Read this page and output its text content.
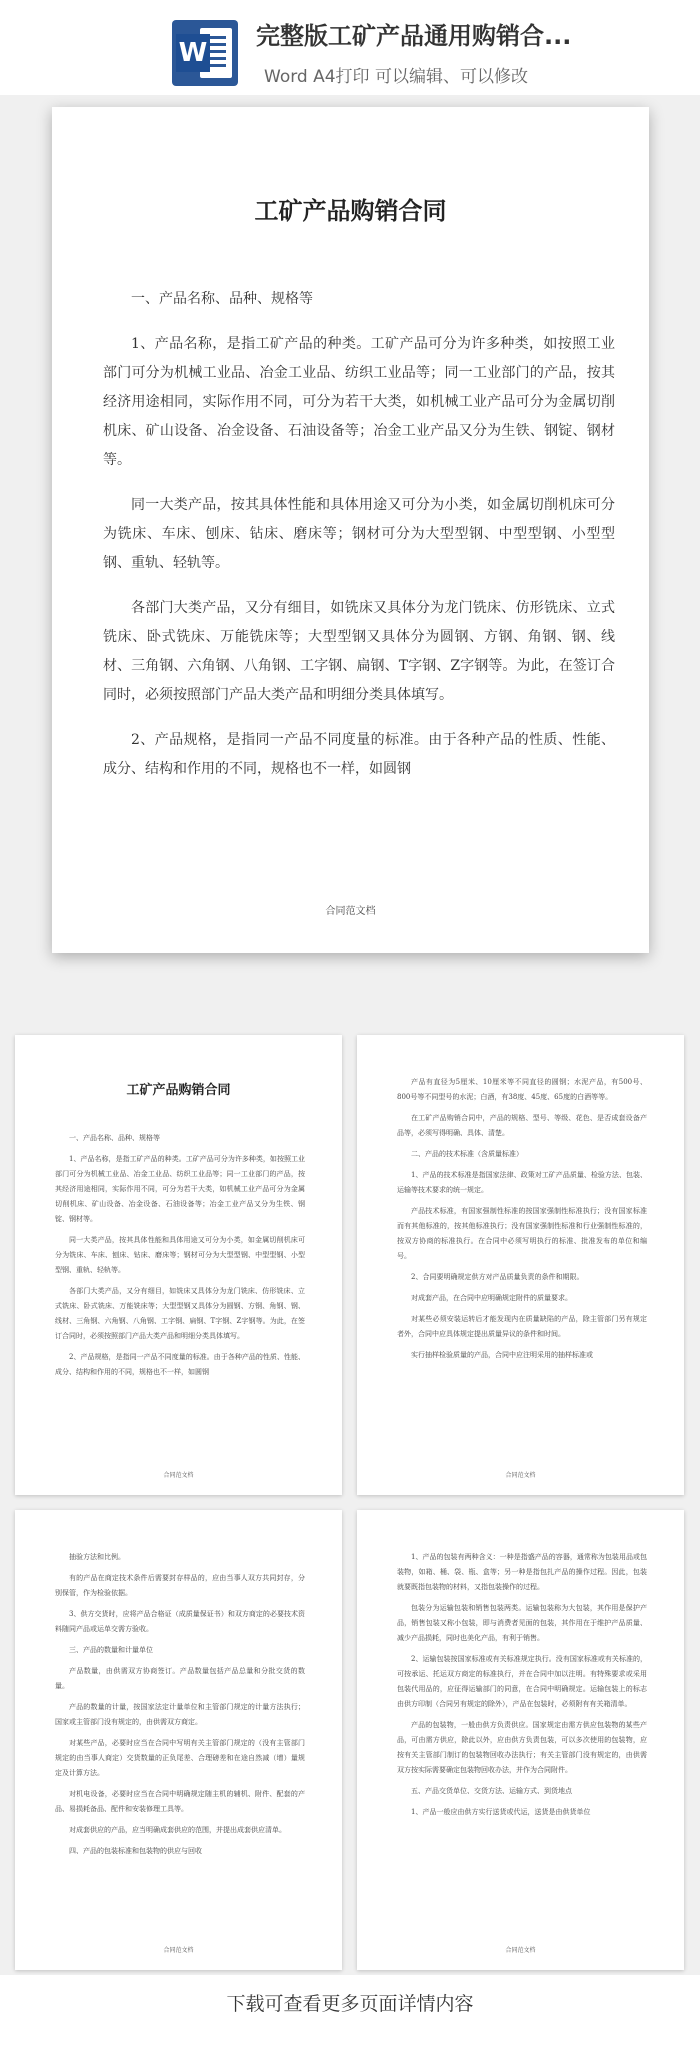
W
完整版工矿产品通用购销合...
Word A4打印 可以编辑、可以修改
工矿产品购销合同

一、产品名称、品种、规格等

1、产品名称，是指工矿产品的种类。工矿产品可分为许多种类，如按照工业部门可分为机械工业品、冶金工业品、纺织工业品等；同一工业部门的产品，按其经济用途相同，实际作用不同，可分为若干大类，如机械工业产品可分为金属切削机床、矿山设备、冶金设备、石油设备等；冶金工业产品又分为生铁、钢锭、钢材等。

同一大类产品，按其具体性能和具体用途又可分为小类，如金属切削机床可分为铣床、车床、刨床、钻床、磨床等；钢材可分为大型型钢、中型型钢、小型型钢、重轨、轻轨等。

各部门大类产品，又分有细目，如铣床又具体分为龙门铣床、仿形铣床、立式铣床、卧式铣床、万能铣床等；大型型钢又具体分为圆钢、方钢、角钢、钢、线材、三角钢、六角钢、八角钢、工字钢、扁钢、T字钢、Z字钢等。为此，在签订合同时，必须按照部门产品大类产品和明细分类具体填写。

2、产品规格，是指同一产品不同度量的标准。由于各种产品的性质、性能、成分、结构和作用的不同，规格也不一样，如圆钢

合同范文档
工矿产品购销合同

一、产品名称、品种、规格等

1、产品名称，是指工矿产品的种类。工矿产品可分为许多种类，如按照工业部门可分为机械工业品、冶金工业品、纺织工业品等；同一工业部门的产品，按其经济用途相同，实际作用不同，可分为若干大类，如机械工业产品可分为金属切削机床、矿山设备、冶金设备、石油设备等；冶金工业产品又分为生铁、钢锭、钢材等。

同一大类产品，按其具体性能和具体用途又可分为小类，如金属切削机床可分为铣床、车床、刨床、钻床、磨床等；钢材可分为大型型钢、中型型钢、小型型钢、重轨、轻轨等。

各部门大类产品，又分有细目，如铣床又具体分为龙门铣床、仿形铣床、立式铣床、卧式铣床、万能铣床等；大型型钢又具体分为圆钢、方钢、角钢、钢、线材、三角钢、六角钢、八角钢、工字钢、扁钢、T字钢、Z字钢等。为此，在签订合同时，必须按照部门产品大类产品和明细分类具体填写。

2、产品规格，是指同一产品不同度量的标准。由于各种产品的性质、性能、成分、结构和作用的不同，规格也不一样，如圆钢

合同范文档

产品有直径为5厘米、10厘米等不同直径的圆钢；水泥产品，有500号、800号等不同型号的水泥；白酒，有38度、45度、65度的白酒等等。

在工矿产品购销合同中，产品的规格、型号、等级、花色、是否成套设备产品等，必须写得明确、具体、清楚。

二、产品的技术标准（含质量标准）

1、产品的技术标准是指国家法律、政策对工矿产品质量、检验方法、包装、运输等技术要求的统一规定。

产品技术标准，有国家强制性标准的按国家强制性标准执行；没有国家标准而有其他标准的，按其他标准执行；没有国家强制性标准和行业强制性标准的，按双方协商的标准执行。在合同中必须写明执行的标准、批准发布的单位和编号。

2、合同要明确规定供方对产品质量负责的条件和期限。

对成套产品，在合同中应明确规定附件的质量要求。

对某些必须安装运转后才能发现内在质量缺陷的产品，除主管部门另有规定者外，合同中应具体规定提出质量异议的条件和时间。

实行抽样检验质量的产品，合同中应注明采用的抽样标准或

合同范文档

抽验方法和比例。

有的产品在商定技术条件后需要封存样品的，应由当事人双方共同封存，分别保管，作为检验依据。

3、供方交货时，应将产品合格证（成质量保证书）和双方商定的必要技术资料随同产品或运单交需方验收。

三、产品的数量和计量单位

产品数量，由供需双方协商签订。产品数量包括产品总量和分批交货的数量。

产品的数量的计量，按国家法定计量单位和主管部门规定的计量方法执行；国家或主管部门没有规定的，由供需双方商定。

对某些产品，必要时应当在合同中写明有关主管部门规定的（没有主管部门规定的由当事人商定）交货数量的正负尾差、合理磅差和在途自然减（增）量规定及计算方法。

对机电设备，必要时应当在合同中明确规定随主机的辅机、附件、配套的产品、易损耗备品、配件和安装修理工具等。

对成套供应的产品，应当明确成套供应的范围，并提出成套供应清单。

四、产品的包装标准和包装物的供应与回收

合同范文档

1、产品的包装有两种含义：一种是指盛产品的容器，通常称为包装用品或包装物，如箱、桶、袋、瓶、盒等；另一种是指包扎产品的操作过程。因此，包装就要既指包装物的材料，又指包装操作的过程。

包装分为运输包装和销售包装两类。运输包装称为大包装，其作用是保护产品，销售包装又称小包装，即与消费者见面的包装，其作用在于维护产品质量、减少产品损耗，同时也美化产品，有利于销售。

2、运输包装按国家标准或有关标准规定执行。没有国家标准或有关标准的，可按承运、托运双方商定的标准执行，并在合同中加以注明。有特殊要求或采用包装代用品的，应征得运输部门的同意，在合同中明确规定。运输包装上的标志由供方印制（合同另有规定的除外），产品在包装时，必须附有有关箱清单。

产品的包装物，一般由供方负责供应。国家规定由需方供应包装物的某些产品，可由需方供应，除此以外，应由供方负责包装，可以多次使用的包装物，应按有关主管部门制订的包装物回收办法执行；有关主管部门没有规定的，由供需双方按实际需要确定包装物回收办法，并作为合同附件。

五、产品交货单位、交货方法、运输方式、到货地点

1、产品一般应由供方实行送货或代运，送货是由供货单位

合同范文档
下载可查看更多页面详情内容
